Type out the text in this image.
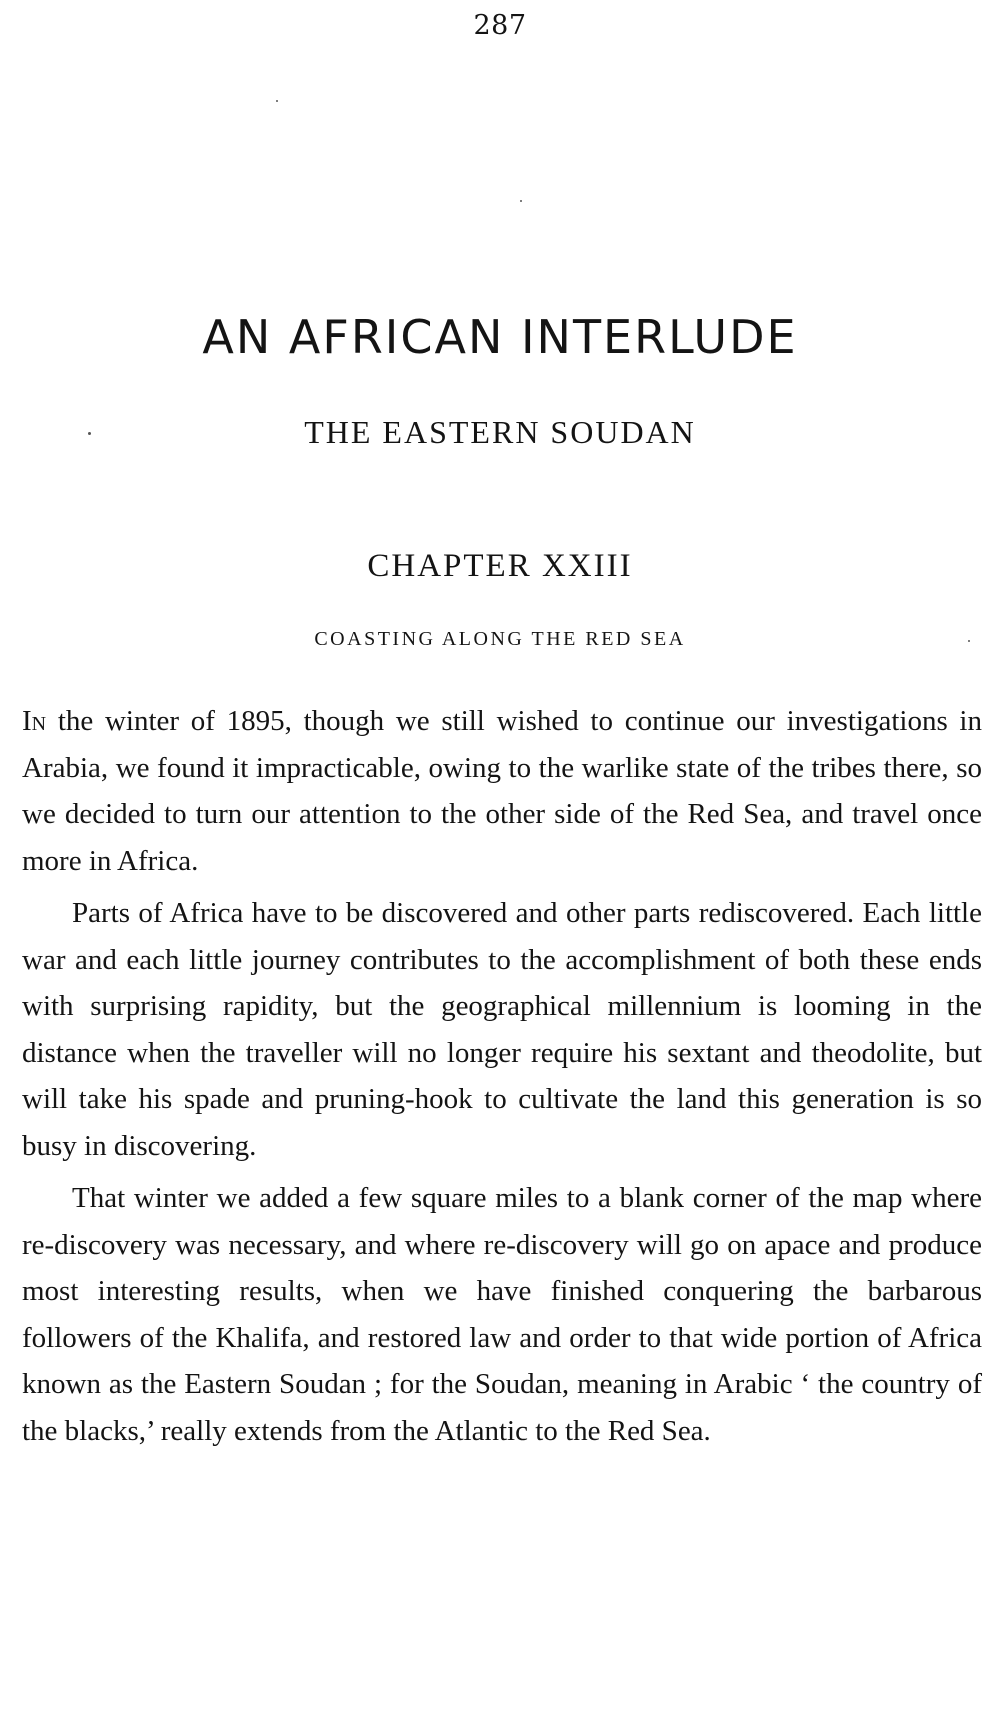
287
AN AFRICAN INTERLUDE
THE EASTERN SOUDAN
CHAPTER XXIII
COASTING ALONG THE RED SEA

In the winter of 1895, though we still wished to continue our investigations in Arabia, we found it impracticable, owing to the warlike state of the tribes there, so we decided to turn our attention to the other side of the Red Sea, and travel once more in Africa.

Parts of Africa have to be discovered and other parts rediscovered. Each little war and each little journey contributes to the accomplishment of both these ends with surprising rapidity, but the geographical millennium is looming in the distance when the traveller will no longer require his sextant and theodolite, but will take his spade and pruning-hook to cultivate the land this generation is so busy in discovering.

That winter we added a few square miles to a blank corner of the map where re-discovery was necessary, and where re-discovery will go on apace and produce most interesting results, when we have finished conquering the barbarous followers of the Khalifa, and restored law and order to that wide portion of Africa known as the Eastern Soudan ; for the Soudan, meaning in Arabic ‘ the country of the blacks,’ really extends from the Atlantic to the Red Sea.
